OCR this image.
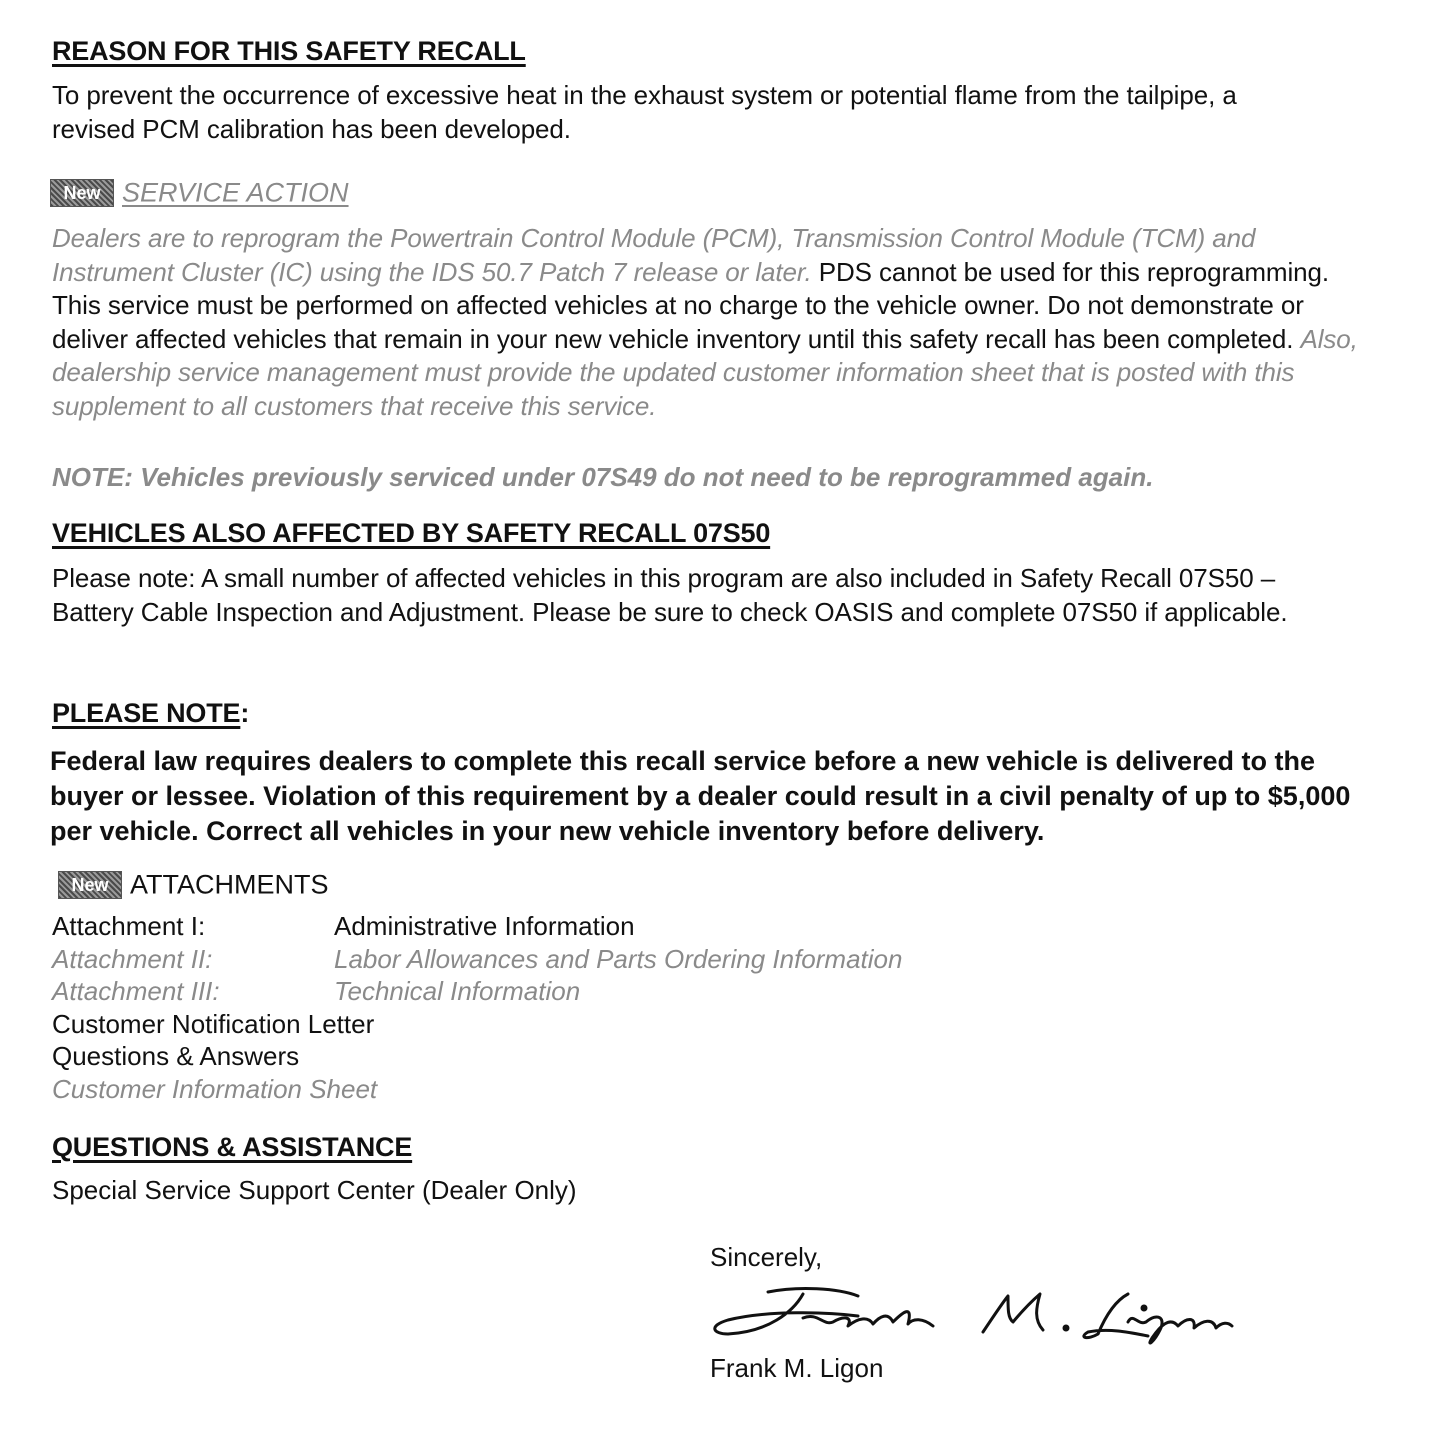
REASON FOR THIS SAFETY RECALL
To prevent the occurrence of excessive heat in the exhaust system or potential flame from the tailpipe, a revised PCM calibration has been developed.
New SERVICE ACTION
Dealers are to reprogram the Powertrain Control Module (PCM), Transmission Control Module (TCM) and Instrument Cluster (IC) using the IDS 50.7 Patch 7 release or later. PDS cannot be used for this reprogramming. This service must be performed on affected vehicles at no charge to the vehicle owner. Do not demonstrate or deliver affected vehicles that remain in your new vehicle inventory until this safety recall has been completed. Also, dealership service management must provide the updated customer information sheet that is posted with this supplement to all customers that receive this service.
NOTE: Vehicles previously serviced under 07S49 do not need to be reprogrammed again.
VEHICLES ALSO AFFECTED BY SAFETY RECALL 07S50
Please note: A small number of affected vehicles in this program are also included in Safety Recall 07S50 – Battery Cable Inspection and Adjustment. Please be sure to check OASIS and complete 07S50 if applicable.
PLEASE NOTE:
Federal law requires dealers to complete this recall service before a new vehicle is delivered to the buyer or lessee. Violation of this requirement by a dealer could result in a civil penalty of up to $5,000 per vehicle. Correct all vehicles in your new vehicle inventory before delivery.
New ATTACHMENTS
Attachment I:	Administrative Information
Attachment II:	Labor Allowances and Parts Ordering Information
Attachment III:	Technical Information
Customer Notification Letter
Questions & Answers
Customer Information Sheet
QUESTIONS & ASSISTANCE
Special Service Support Center (Dealer Only)
Sincerely,
Frank M. Ligon
